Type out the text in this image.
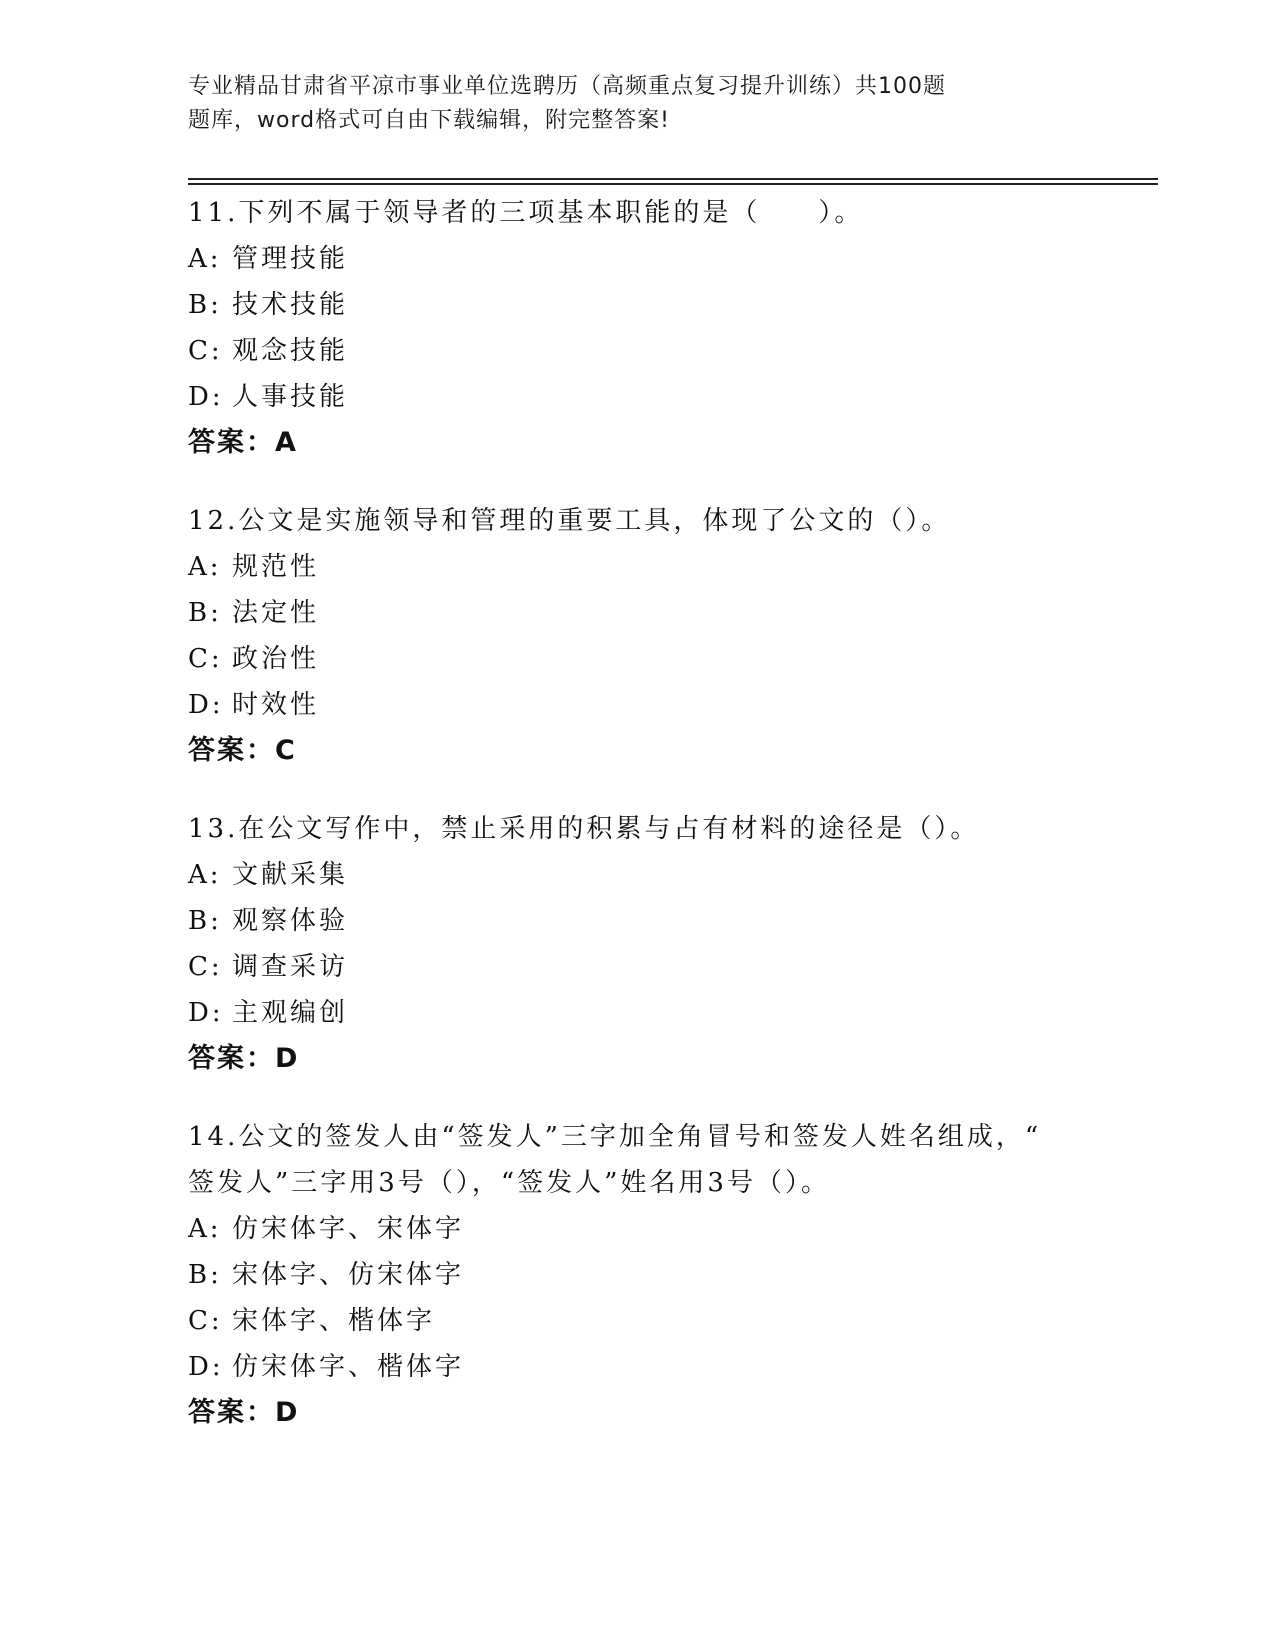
专业精品甘肃省平凉市事业单位选聘历（高频重点复习提升训练）共100题
题库，word格式可自由下载编辑，附完整答案!
11.下列不属于领导者的三项基本职能的是（　　）。
A: 管理技能
B: 技术技能
C: 观念技能
D: 人事技能
答案：A
12.公文是实施领导和管理的重要工具，体现了公文的（）。
A: 规范性
B: 法定性
C: 政治性
D: 时效性
答案：C
13.在公文写作中，禁止采用的积累与占有材料的途径是（）。
A: 文献采集
B: 观察体验
C: 调查采访
D: 主观编创
答案：D
14.公文的签发人由“签发人”三字加全角冒号和签发人姓名组成，“
签发人”三字用3号（），“签发人”姓名用3号（）。
A: 仿宋体字、宋体字
B: 宋体字、仿宋体字
C: 宋体字、楷体字
D: 仿宋体字、楷体字
答案：D
